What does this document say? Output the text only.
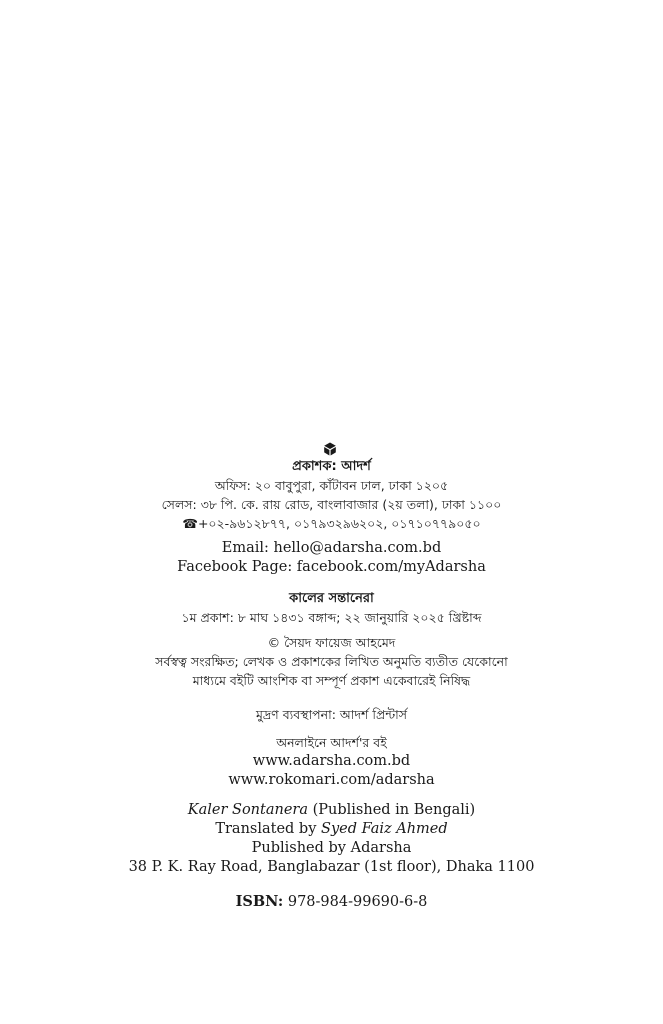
প্রকাশক: আদর্শ
অফিস: ২০ বাবুপুরা, কাঁটাবন ঢাল, ঢাকা ১২০৫
সেলস: ৩৮ পি. কে. রায় রোড, বাংলাবাজার (২য় তলা), ঢাকা ১১০০
☎+০২-৯৬১২৮৭৭, ০১৭৯৩২৯৬২০২, ০১৭১০৭৭৯০৫০
Email: hello@adarsha.com.bd
Facebook Page: facebook.com/myAdarsha
কালের সন্তানেরা
১ম প্রকাশ: ৮ মাঘ ১৪৩১ বঙ্গাব্দ; ২২ জানুয়ারি ২০২৫ খ্রিষ্টাব্দ
© সৈয়দ ফায়েজ আহমেদ
সর্বস্বত্ব সংরক্ষিত; লেখক ও প্রকাশকের লিখিত অনুমতি ব্যতীত যেকোনো
মাধ্যমে বইটি আংশিক বা সম্পূর্ণ প্রকাশ একেবারেই নিষিদ্ধ
মুদ্রণ ব্যবস্থাপনা: আদর্শ প্রিন্টার্স
অনলাইনে আদর্শ'র বই
www.adarsha.com.bd
www.rokomari.com/adarsha
Kaler Sontanera (Published in Bengali)
Translated by Syed Faiz Ahmed
Published by Adarsha
38 P. K. Ray Road, Banglabazar (1st floor), Dhaka 1100
ISBN: 978-984-99690-6-8
